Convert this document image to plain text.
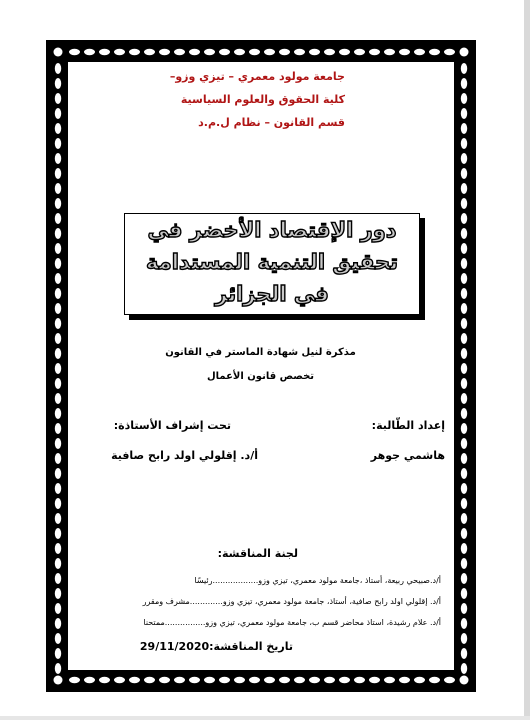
جامعة مولود معمري – تيزي وزو–
كلية الحقوق والعلوم السياسية
قسم القانون – نظام ل.م.د
دور الإقتصاد الأخضر في
تحقيق التنمية المستدامة
في الجزائر
مذكرة لنيل شهادة الماستر في القانون
تخصص قانون الأعمال
إعداد الطّالبة:
تحت إشراف الأستاذة:
هاشمي جوهر
أ/د. إقلولي اولد رابح صافية
لجنة المناقشة:
أ/د.صبيحي ربيعة، أستاذ ،جامعة مولود معمري، تيزي وزو..................رئيسًا
أ/د. إقلولي اولد رابح صافية، أستاذ، جامعة مولود معمري، تيزي وزو.............مشرف ومقرر
أ/د. علام رشيدة، استاذ محاضر قسم ب، جامعة مولود معمري، تيزي وزو................ممتحنا
تاريخ المناقشة:29/11/2020
